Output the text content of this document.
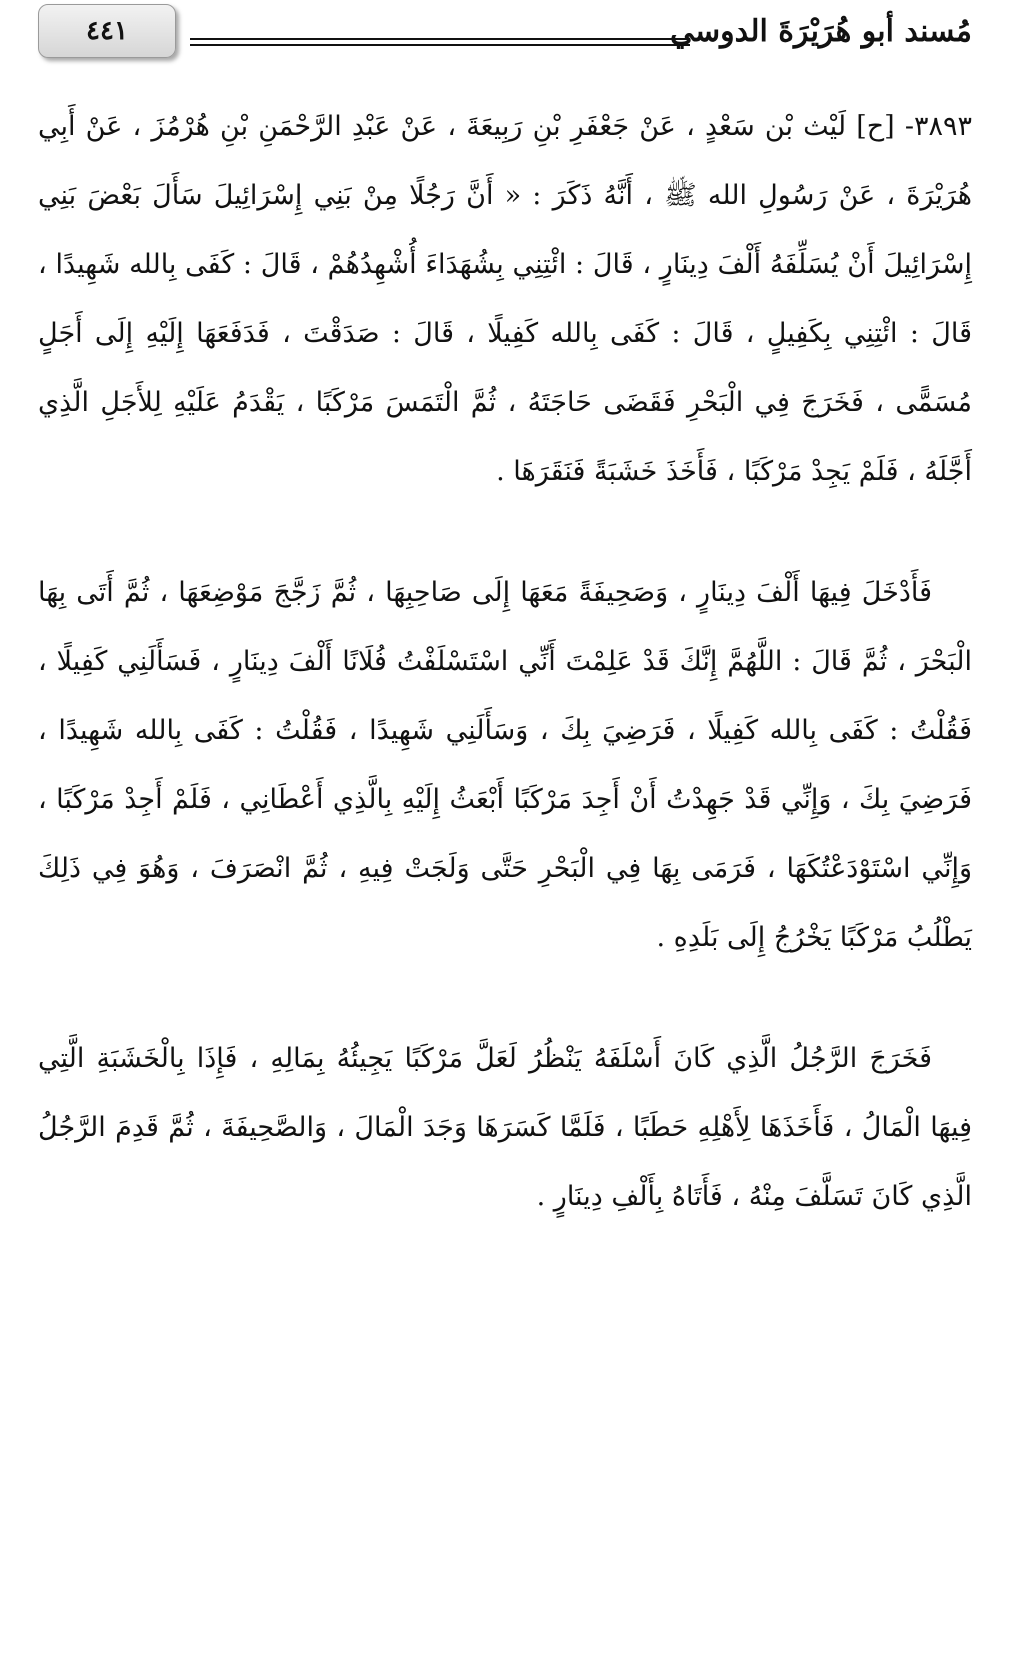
٤٤١	مُسند أبو هُرَيْرَةَ الدوسي

٣٨٩٣- [ح] لَيْث بْن سَعْدٍ ، عَنْ جَعْفَرِ بْنِ رَبِيعَةَ ، عَنْ عَبْدِ الرَّحْمَنِ بْنِ هُرْمُزَ ، عَنْ أَبِي هُرَيْرَةَ ، عَنْ رَسُولِ الله ﷺ ، أَنَّهُ ذَكَرَ : « أَنَّ رَجُلًا مِنْ بَنِي إِسْرَائِيلَ سَأَلَ بَعْضَ بَنِي إِسْرَائِيلَ أَنْ يُسَلِّفَهُ أَلْفَ دِينَارٍ ، قَالَ : ائْتِنِي بِشُهَدَاءَ أُشْهِدُهُمْ ، قَالَ : كَفَى بِالله شَهِيدًا ، قَالَ : ائْتِنِي بِكَفِيلٍ ، قَالَ : كَفَى بِالله كَفِيلًا ، قَالَ : صَدَقْتَ ، فَدَفَعَهَا إِلَيْهِ إِلَى أَجَلٍ مُسَمًّى ، فَخَرَجَ فِي الْبَحْرِ فَقَضَى حَاجَتَهُ ، ثُمَّ الْتَمَسَ مَرْكَبًا ، يَقْدَمُ عَلَيْهِ لِلأَجَلِ الَّذِي أَجَّلَهُ ، فَلَمْ يَجِدْ مَرْكَبًا ، فَأَخَذَ خَشَبَةً فَنَقَرَهَا .

فَأَدْخَلَ فِيهَا أَلْفَ دِينَارٍ ، وَصَحِيفَةً مَعَهَا إِلَى صَاحِبِهَا ، ثُمَّ زَجَّجَ مَوْضِعَهَا ، ثُمَّ أَتَى بِهَا الْبَحْرَ ، ثُمَّ قَالَ : اللَّهُمَّ إِنَّكَ قَدْ عَلِمْتَ أَنِّي اسْتَسْلَفْتُ فُلَانًا أَلْفَ دِينَارٍ ، فَسَأَلَنِي كَفِيلًا ، فَقُلْتُ : كَفَى بِالله كَفِيلًا ، فَرَضِيَ بِكَ ، وَسَأَلَنِي شَهِيدًا ، فَقُلْتُ : كَفَى بِالله شَهِيدًا ، فَرَضِيَ بِكَ ، وَإِنِّي قَدْ جَهِدْتُ أَنْ أَجِدَ مَرْكَبًا أَبْعَثُ إِلَيْهِ بِالَّذِي أَعْطَانِي ، فَلَمْ أَجِدْ مَرْكَبًا ، وَإِنِّي اسْتَوْدَعْتُكَهَا ، فَرَمَى بِهَا فِي الْبَحْرِ حَتَّى وَلَجَتْ فِيهِ ، ثُمَّ انْصَرَفَ ، وَهُوَ فِي ذَلِكَ يَطْلُبُ مَرْكَبًا يَخْرُجُ إِلَى بَلَدِهِ .

فَخَرَجَ الرَّجُلُ الَّذِي كَانَ أَسْلَفَهُ يَنْظُرُ لَعَلَّ مَرْكَبًا يَجِيئُهُ بِمَالِهِ ، فَإِذَا بِالْخَشَبَةِ الَّتِي فِيهَا الْمَالُ ، فَأَخَذَهَا لِأَهْلِهِ حَطَبًا ، فَلَمَّا كَسَرَهَا وَجَدَ الْمَالَ ، وَالصَّحِيفَةَ ، ثُمَّ قَدِمَ الرَّجُلُ الَّذِي كَانَ تَسَلَّفَ مِنْهُ ، فَأَتَاهُ بِأَلْفِ دِينَارٍ .
